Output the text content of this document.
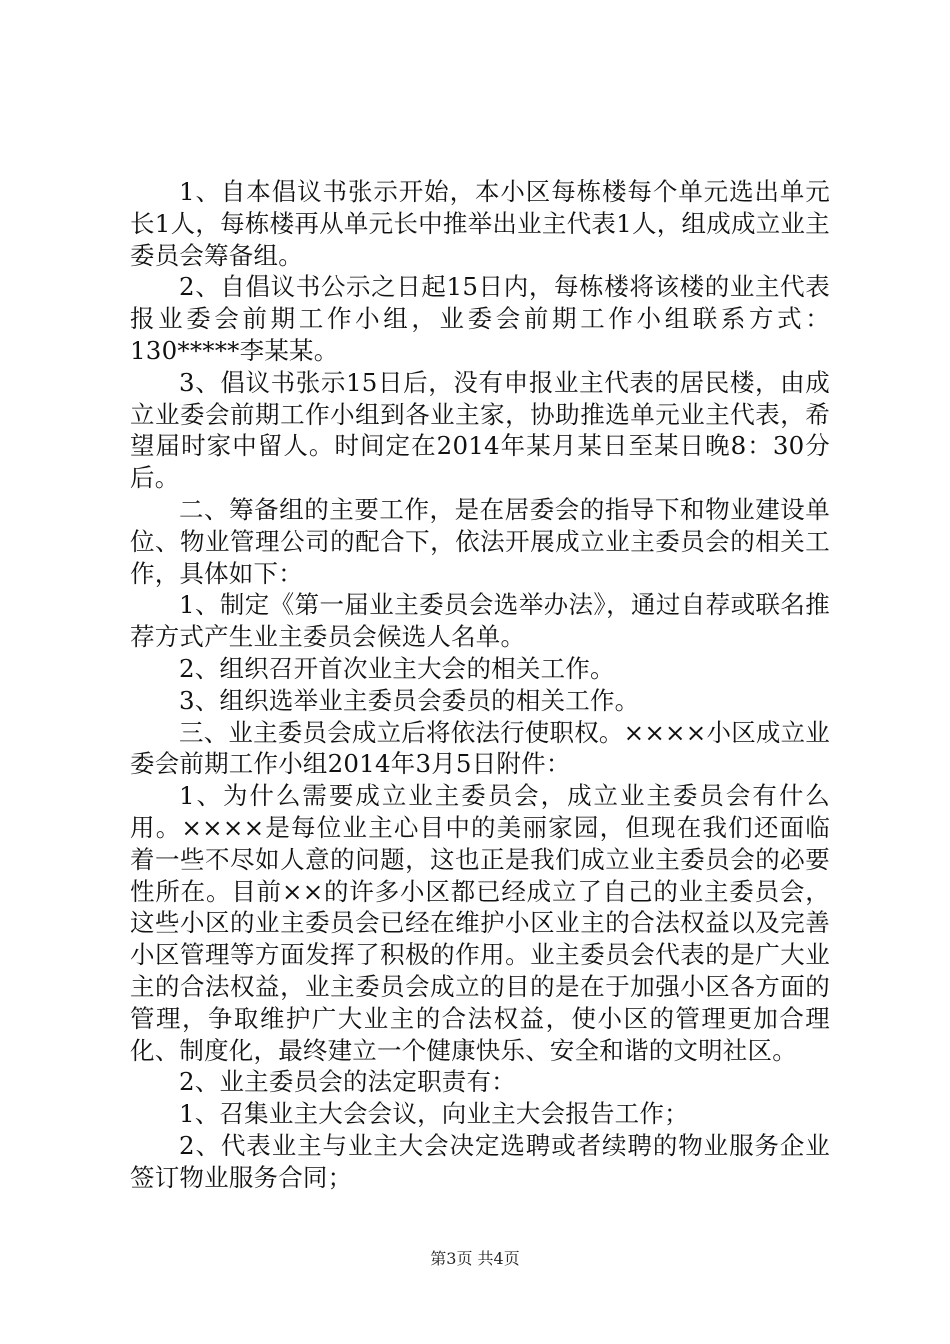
1、自本倡议书张示开始，本小区每栋楼每个单元选出单元长1人，每栋楼再从单元长中推举出业主代表1人，组成成立业主委员会筹备组。

2、自倡议书公示之日起15日内，每栋楼将该楼的业主代表报业委会前期工作小组，业委会前期工作小组联系方式：130*****李某某。

3、倡议书张示15日后，没有申报业主代表的居民楼，由成立业委会前期工作小组到各业主家，协助推选单元业主代表，希望届时家中留人。时间定在2014年某月某日至某日晚8：30分后。

二、筹备组的主要工作，是在居委会的指导下和物业建设单位、物业管理公司的配合下，依法开展成立业主委员会的相关工作，具体如下：

1、制定《第一届业主委员会选举办法》，通过自荐或联名推荐方式产生业主委员会候选人名单。

2、组织召开首次业主大会的相关工作。

3、组织选举业主委员会委员的相关工作。

三、业主委员会成立后将依法行使职权。××××小区成立业委会前期工作小组2014年3月5日附件：

1、为什么需要成立业主委员会，成立业主委员会有什么用。××××是每位业主心目中的美丽家园，但现在我们还面临着一些不尽如人意的问题，这也正是我们成立业主委员会的必要性所在。目前××的许多小区都已经成立了自己的业主委员会，这些小区的业主委员会已经在维护小区业主的合法权益以及完善小区管理等方面发挥了积极的作用。业主委员会代表的是广大业主的合法权益，业主委员会成立的目的是在于加强小区各方面的管理，争取维护广大业主的合法权益，使小区的管理更加合理化、制度化，最终建立一个健康快乐、安全和谐的文明社区。

2、业主委员会的法定职责有：

1、召集业主大会会议，向业主大会报告工作；

2、代表业主与业主大会决定选聘或者续聘的物业服务企业签订物业服务合同；

第3页 共4页
